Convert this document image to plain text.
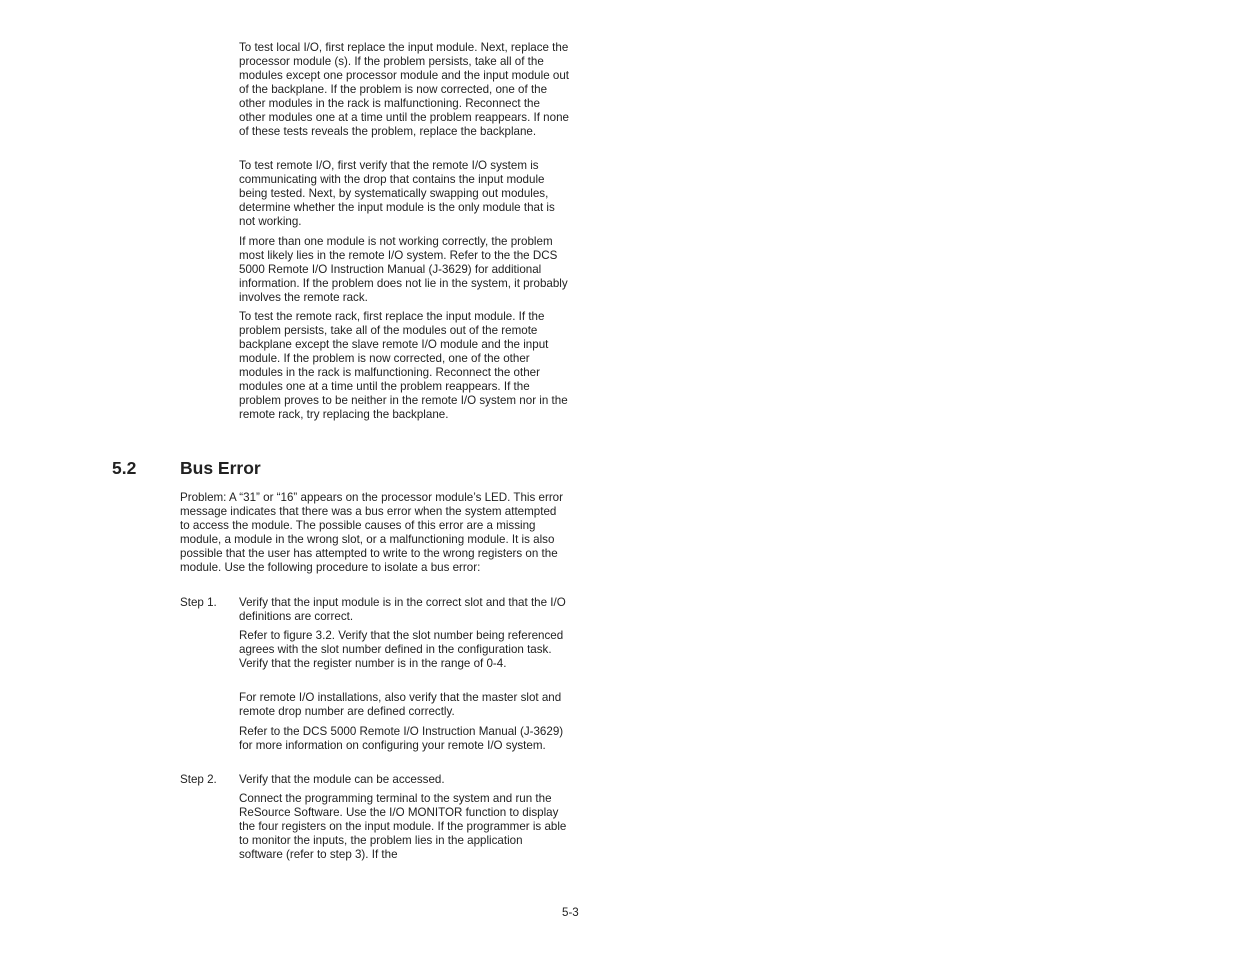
To test local I/O, first replace the input module. Next, replace the processor module (s). If the problem persists, take all of the modules except one processor module and the input module out of the backplane. If the problem is now corrected, one of the other modules in the rack is malfunctioning. Reconnect the other modules one at a time until the problem reappears. If none of these tests reveals the problem, replace the backplane.

To test remote I/O, first verify that the remote I/O system is communicating with the drop that contains the input module being tested. Next, by systematically swapping out modules, determine whether the input module is the only module that is not working.

If more than one module is not working correctly, the problem most likely lies in the remote I/O system. Refer to the the DCS 5000 Remote I/O Instruction Manual (J-3629) for additional information. If the problem does not lie in the system, it probably involves the remote rack.

To test the remote rack, first replace the input module. If the problem persists, take all of the modules out of the remote backplane except the slave remote I/O module and the input module. If the problem is now corrected, one of the other modules in the rack is malfunctioning. Reconnect the other modules one at a time until the problem reappears. If the problem proves to be neither in the remote I/O system nor in the remote rack, try replacing the backplane.

5.2 Bus Error

Problem: A “31” or “16” appears on the processor module’s LED. This error message indicates that there was a bus error when the system attempted to access the module. The possible causes of this error are a missing module, a module in the wrong slot, or a malfunctioning module. It is also possible that the user has attempted to write to the wrong registers on the module. Use the following procedure to isolate a bus error:

Step 1. Verify that the input module is in the correct slot and that the I/O definitions are correct.

Refer to figure 3.2. Verify that the slot number being referenced agrees with the slot number defined in the configuration task. Verify that the register number is in the range of 0-4.

For remote I/O installations, also verify that the master slot and remote drop number are defined correctly.

Refer to the DCS 5000 Remote I/O Instruction Manual (J-3629) for more information on configuring your remote I/O system.

Step 2. Verify that the module can be accessed.

Connect the programming terminal to the system and run the ReSource Software. Use the I/O MONITOR function to display the four registers on the input module. If the programmer is able to monitor the inputs, the problem lies in the application software (refer to step 3). If the

5-3
